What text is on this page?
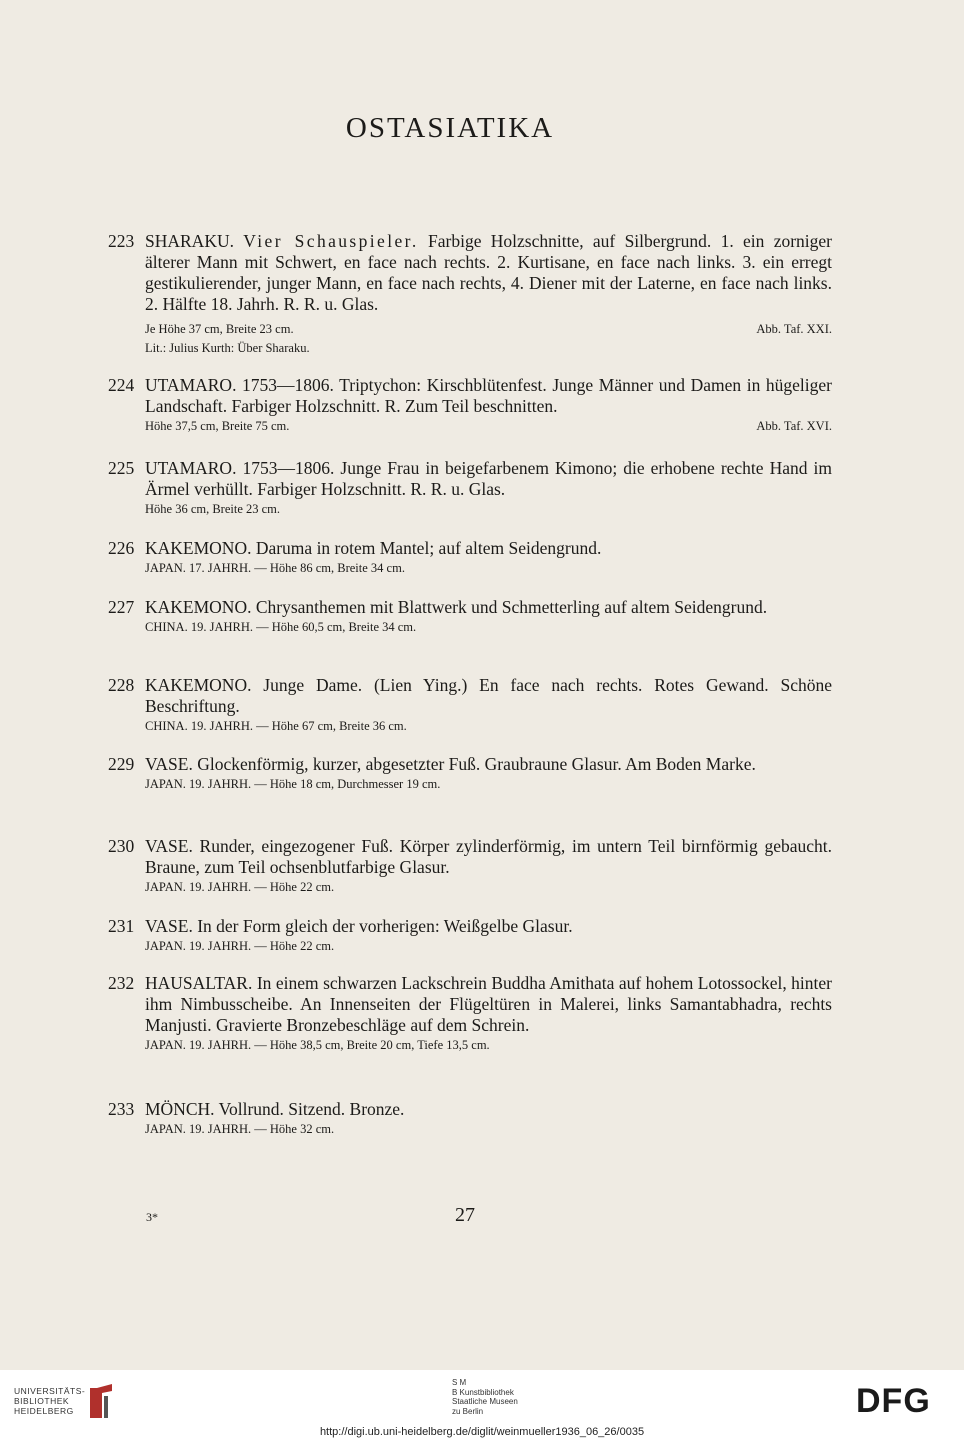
OSTASIATIKA
223 SHARAKU. Vier Schauspieler. Farbige Holzschnitte, auf Silbergrund. 1. ein zorniger älterer Mann mit Schwert, en face nach rechts. 2. Kurtisane, en face nach links. 3. ein erregt gestikulierender, junger Mann, en face nach rechts, 4. Diener mit der Laterne, en face nach links. 2. Hälfte 18. Jahrh. R. R. u. Glas.
Je Höhe 37 cm, Breite 23 cm.	Abb. Taf. XXI.
Lit.: Julius Kurth: Über Sharaku.
224 UTAMARO. 1753—1806. Triptychon: Kirschblütenfest. Junge Männer und Damen in hügeliger Landschaft. Farbiger Holzschnitt. R. Zum Teil beschnitten.
Höhe 37,5 cm, Breite 75 cm.	Abb. Taf. XVI.
225 UTAMARO. 1753—1806. Junge Frau in beigefarbenem Kimono; die erhobene rechte Hand im Ärmel verhüllt. Farbiger Holzschnitt. R. R. u. Glas.
Höhe 36 cm, Breite 23 cm.
226 KAKEMONO. Daruma in rotem Mantel; auf altem Seidengrund.
JAPAN. 17. JAHRH. — Höhe 86 cm, Breite 34 cm.
227 KAKEMONO. Chrysanthemen mit Blattwerk und Schmetterling auf altem Seidengrund.
CHINA. 19. JAHRH. — Höhe 60,5 cm, Breite 34 cm.
228 KAKEMONO. Junge Dame. (Lien Ying.) En face nach rechts. Rotes Gewand. Schöne Beschriftung.
CHINA. 19. JAHRH. — Höhe 67 cm, Breite 36 cm.
229 VASE. Glockenförmig, kurzer, abgesetzter Fuß. Graubraune Glasur. Am Boden Marke.
JAPAN. 19. JAHRH. — Höhe 18 cm, Durchmesser 19 cm.
230 VASE. Runder, eingezogener Fuß. Körper zylinderförmig, im untern Teil birnförmig gebaucht. Braune, zum Teil ochsenblutfarbige Glasur.
JAPAN. 19. JAHRH. — Höhe 22 cm.
231 VASE. In der Form gleich der vorherigen: Weißgelbe Glasur.
JAPAN. 19. JAHRH. — Höhe 22 cm.
232 HAUSALTAR. In einem schwarzen Lackschrein Buddha Amithata auf hohem Lotossockel, hinter ihm Nimbusscheibe. An Innenseiten der Flügeltüren in Malerei, links Samantabhadra, rechts Manjusti. Gravierte Bronzebeschläge auf dem Schrein.
JAPAN. 19. JAHRH. — Höhe 38,5 cm, Breite 20 cm, Tiefe 13,5 cm.
233 MÖNCH. Vollrund. Sitzend. Bronze.
JAPAN. 19. JAHRH. — Höhe 32 cm.
3*	27
UNIVERSITÄTS-
BIBLIOTHEK
HEIDELBERG
S M
B Kunstbibliothek
Staatliche Museen
zu Berlin	DFG
http://digi.ub.uni-heidelberg.de/diglit/weinmueller1936_06_26/0035
